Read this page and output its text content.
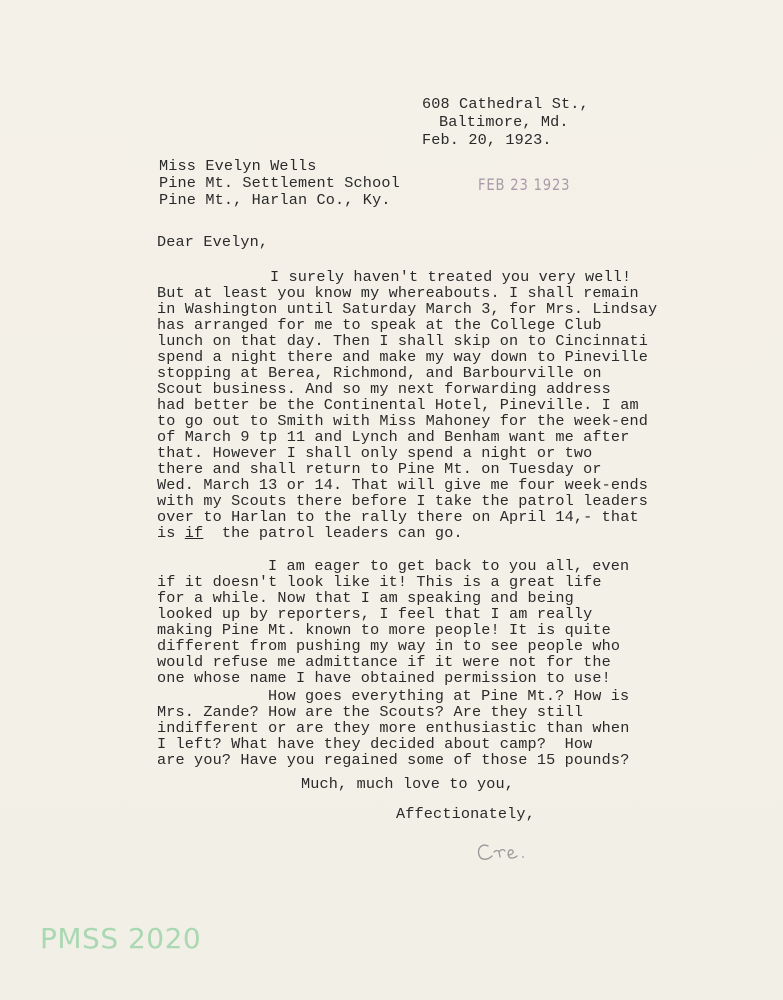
608 Cathedral St.,
Baltimore, Md.
Feb. 20, 1923.
Miss Evelyn Wells
Pine Mt. Settlement School
Pine Mt., Harlan Co., Ky.
FEB 23 1923
Dear Evelyn,
I surely haven't treated you very well!
But at least you know my whereabouts. I shall remain
in Washington until Saturday March 3, for Mrs. Lindsay
has arranged for me to speak at the College Club
lunch on that day. Then I shall skip on to Cincinnati
spend a night there and make my way down to Pineville
stopping at Berea, Richmond, and Barbourville on
Scout business. And so my next forwarding address
had better be the Continental Hotel, Pineville. I am
to go out to Smith with Miss Mahoney for the week-end
of March 9 tp 11 and Lynch and Benham want me after
that. However I shall only spend a night or two
there and shall return to Pine Mt. on Tuesday or
Wed. March 13 or 14. That will give me four week-ends
with my Scouts there before I take the patrol leaders
over to Harlan to the rally there on April 14,- that
is if  the patrol leaders can go.
I am eager to get back to you all, even
if it doesn't look like it! This is a great life
for a while. Now that I am speaking and being
looked up by reporters, I feel that I am really
making Pine Mt. known to more people! It is quite
different from pushing my way in to see people who
would refuse me admittance if it were not for the
one whose name I have obtained permission to use!
How goes everything at Pine Mt.? How is
Mrs. Zande? How are the Scouts? Are they still
indifferent or are they more enthusiastic than when
I left? What have they decided about camp?  How
are you? Have you regained some of those 15 pounds?
Much, much love to you,
Affectionately,
PMSS 2020
